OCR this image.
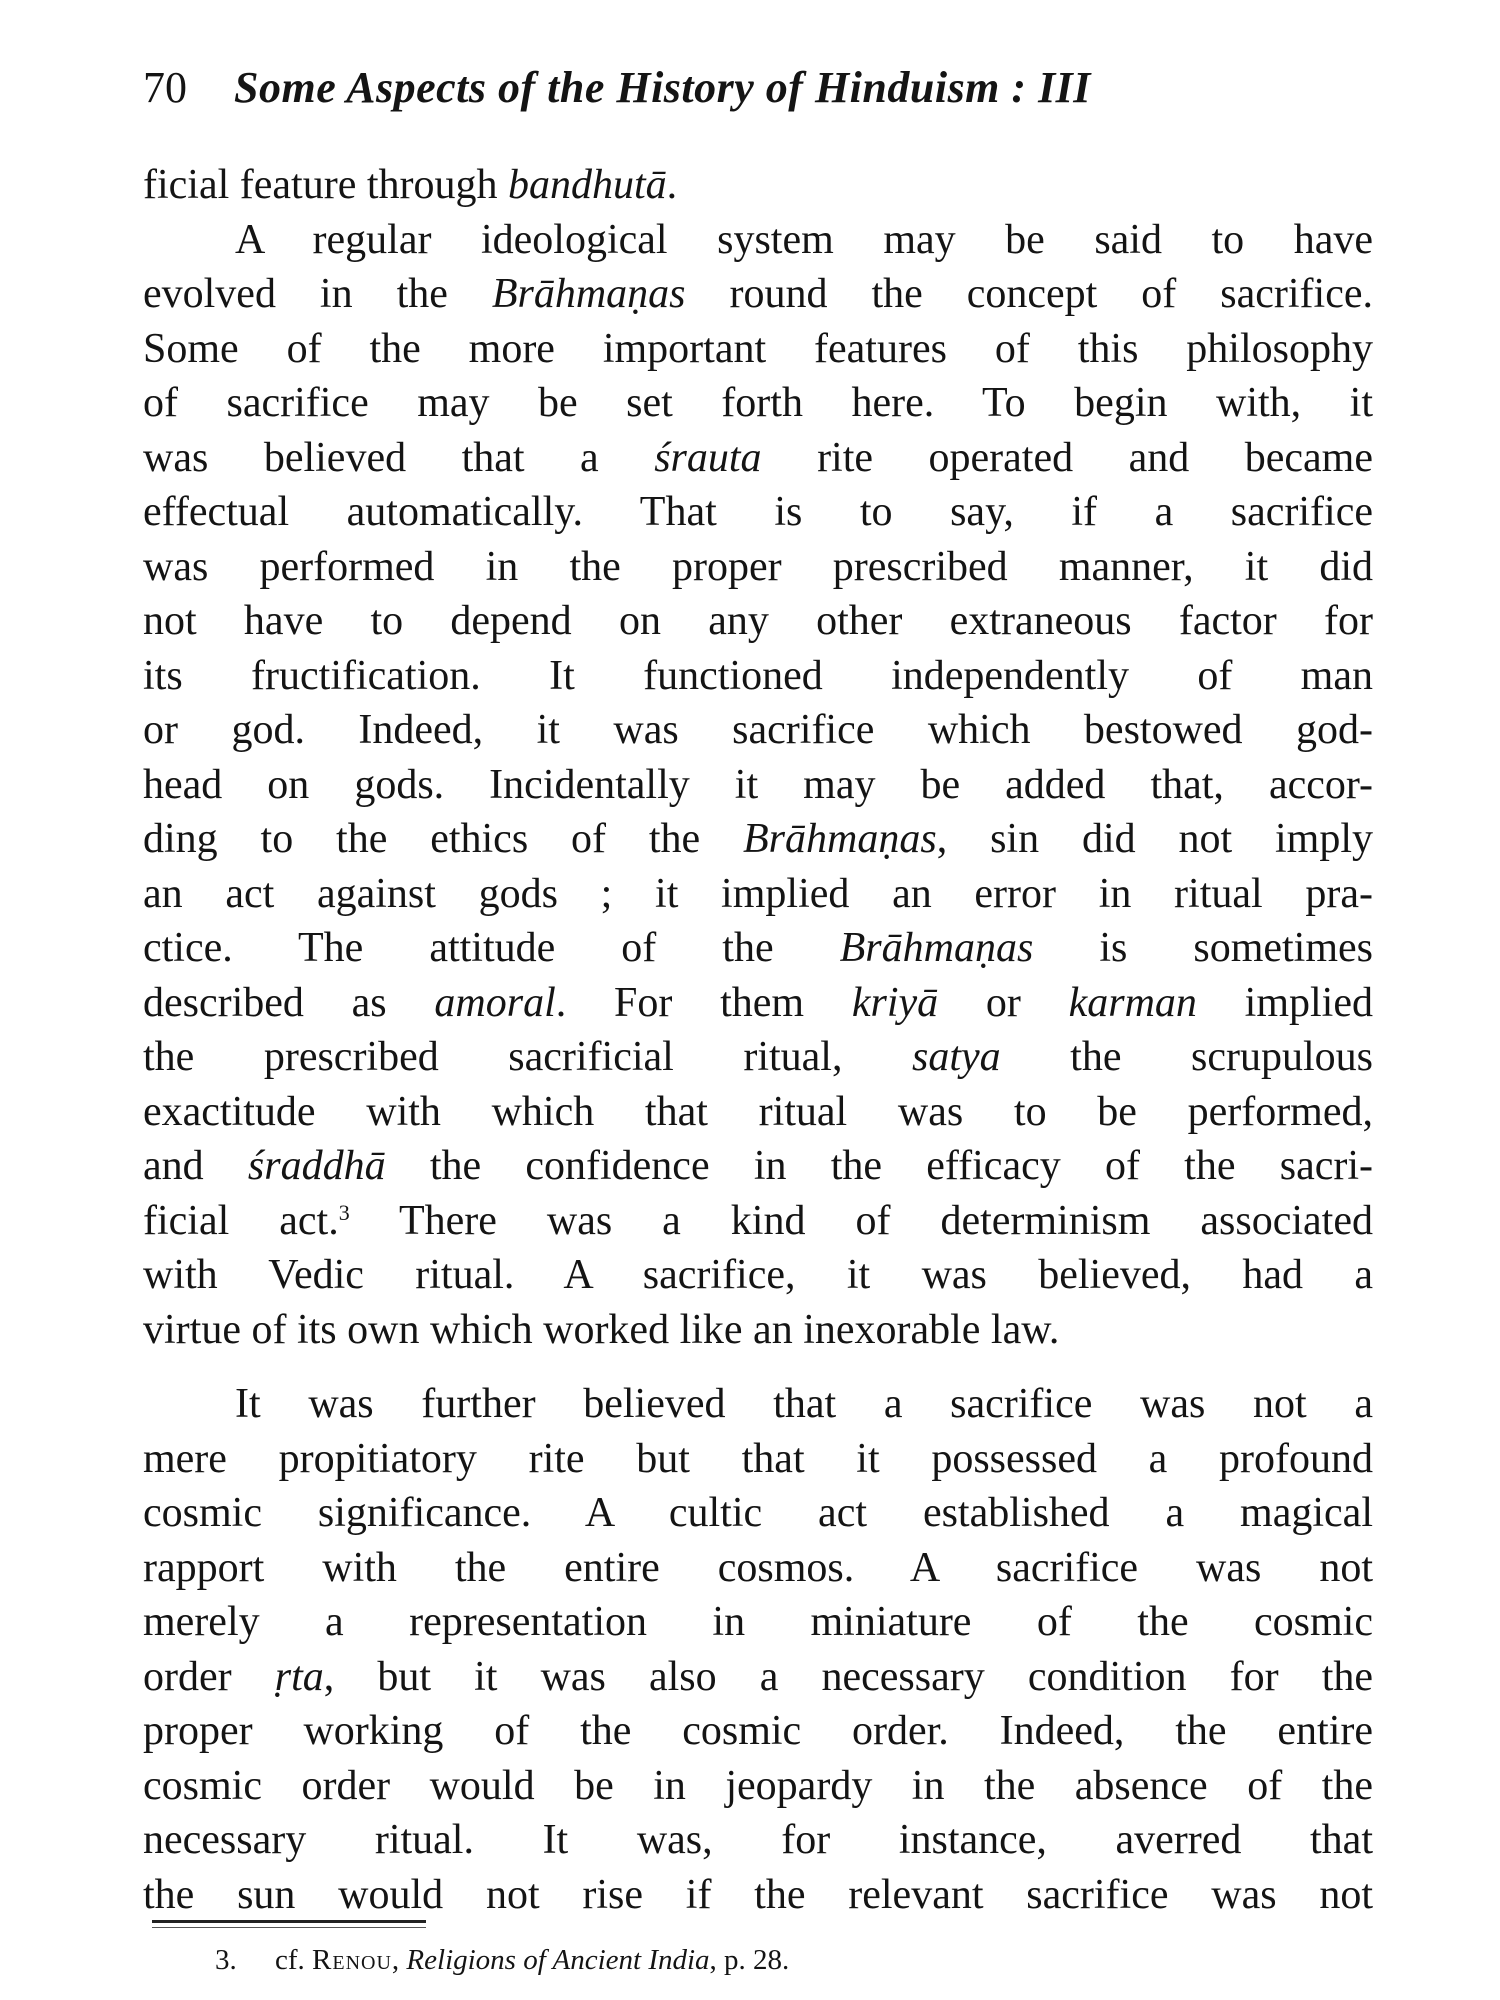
70 Some Aspects of the History of Hinduism : III
ficial feature through bandhutā.
A regular ideological system may be said to have
evolved in the Brāhmaṇas round the concept of sacrifice.
Some of the more important features of this philosophy
of sacrifice may be set forth here. To begin with, it
was believed that a śrauta rite operated and became
effectual automatically. That is to say, if a sacrifice
was performed in the proper prescribed manner, it did
not have to depend on any other extraneous factor for
its fructification. It functioned independently of man
or god. Indeed, it was sacrifice which bestowed god-
head on gods. Incidentally it may be added that, accor-
ding to the ethics of the Brāhmaṇas, sin did not imply
an act against gods ; it implied an error in ritual pra-
ctice. The attitude of the Brāhmaṇas is sometimes
described as amoral. For them kriyā or karman implied
the prescribed sacrificial ritual, satya the scrupulous
exactitude with which that ritual was to be performed,
and śraddhā the confidence in the efficacy of the sacri-
ficial act.$^3$ There was a kind of determinism associated
with Vedic ritual. A sacrifice, it was believed, had a
virtue of its own which worked like an inexorable law.
It was further believed that a sacrifice was not a
mere propitiatory rite but that it possessed a profound
cosmic significance. A cultic act established a magical
rapport with the entire cosmos. A sacrifice was not
merely a representation in miniature of the cosmic
order ṛta, but it was also a necessary condition for the
proper working of the cosmic order. Indeed, the entire
cosmic order would be in jeopardy in the absence of the
necessary ritual. It was, for instance, averred that
the sun would not rise if the relevant sacrifice was not
3. cf. Renou, Religions of Ancient India, p. 28.
